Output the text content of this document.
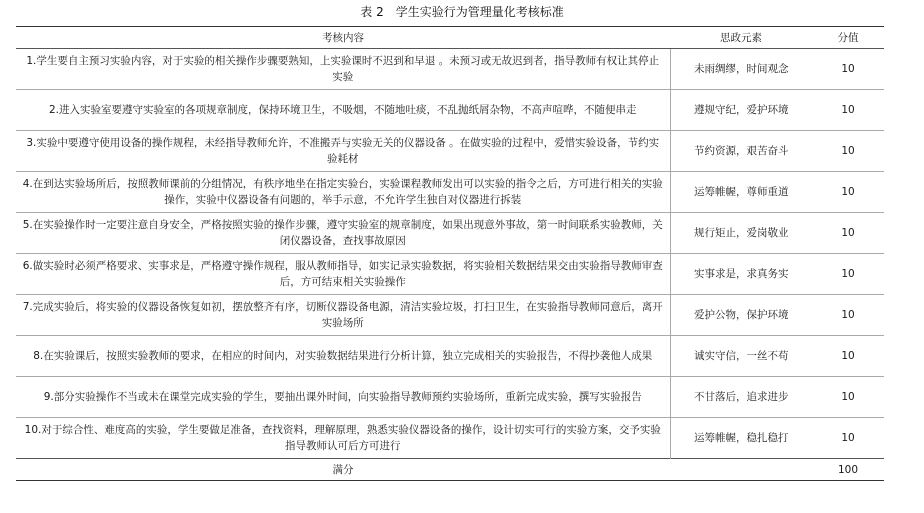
表 2　学生实验行为管理量化考核标准
考核内容	思政元素	分值
1.学生要自主预习实验内容，对于实验的相关操作步骤要熟知，上实验课时不迟到和早退 。未预习或无故迟到者，指导教师有权让其停止实验	未雨绸缪，时间观念	10
2.进入实验室要遵守实验室的各项规章制度，保持环境卫生，不吸烟，不随地吐痰，不乱抛纸屑杂物，不高声喧哗，不随便串走	遵规守纪，爱护环境	10
3.实验中要遵守使用设备的操作规程，未经指导教师允许，不准搬弄与实验无关的仪器设备 。在做实验的过程中，爱惜实验设备，节约实验耗材	节约资源，艰苦奋斗	10
4.在到达实验场所后，按照教师课前的分组情况，有秩序地坐在指定实验台，实验课程教师发出可以实验的指令之后，方可进行相关的实验操作，实验中仪器设备有问题的，举手示意，不允许学生独自对仪器进行拆装	运筹帷幄，尊师重道	10
5.在实验操作时一定要注意自身安全，严格按照实验的操作步骤，遵守实验室的规章制度，如果出现意外事故，第一时间联系实验教师，关闭仪器设备，查找事故原因	规行矩止，爱岗敬业	10
6.做实验时必须严格要求、实事求是，严格遵守操作规程，服从教师指导，如实记录实验数据，将实验相关数据结果交由实验指导教师审查后，方可结束相关实验操作	实事求是，求真务实	10
7.完成实验后，将实验的仪器设备恢复如初，摆放整齐有序，切断仪器设备电源，清洁实验垃圾，打扫卫生，在实验指导教师同意后，离开实验场所	爱护公物，保护环境	10
8.在实验课后，按照实验教师的要求，在相应的时间内，对实验数据结果进行分析计算，独立完成相关的实验报告，不得抄袭他人成果	诚实守信，一丝不苟	10
9.部分实验操作不当或未在课堂完成实验的学生，要抽出课外时间，向实验指导教师预约实验场所，重新完成实验，撰写实验报告	不甘落后，追求进步	10
10.对于综合性、难度高的实验，学生要做足准备，查找资料，理解原理，熟悉实验仪器设备的操作，设计切实可行的实验方案，交予实验指导教师认可后方可进行	运筹帷幄，稳扎稳打	10
满分		100
